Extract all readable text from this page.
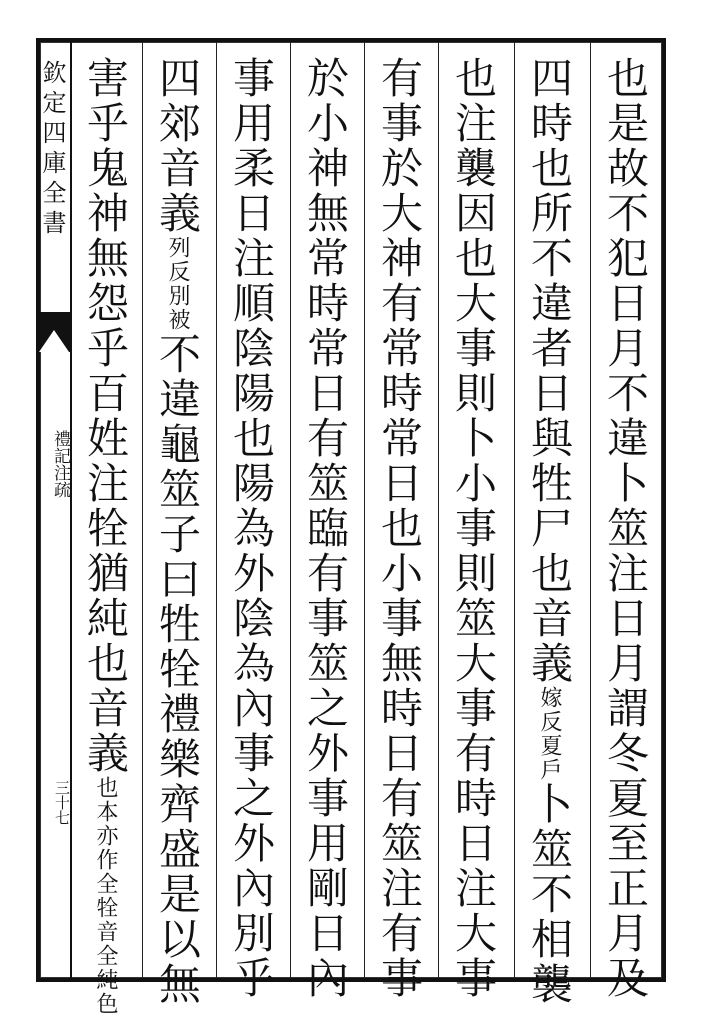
欽定四庫全書
禮記注疏
三十七	也是故不犯日月不違卜筮注日月謂冬夏至正月及
四時也所不違者日與牲尸也音義
夏戶
嫁反
卜筮不相襲
也注襲因也大事則卜小事則筮大事有時日注大事
有事於大神有常時常日也小事無時日有筮注有事
於小神無常時常日有筮臨有事筮之外事用剛日內
事用柔日注順陰陽也陽為外陰為內事之外內別乎
四郊音義
別被
列反
不違龜筮子曰牲牷禮樂齊盛是以無
害乎鬼神無怨乎百姓注牷猶純也音義
牷音全純色
也本亦作全
